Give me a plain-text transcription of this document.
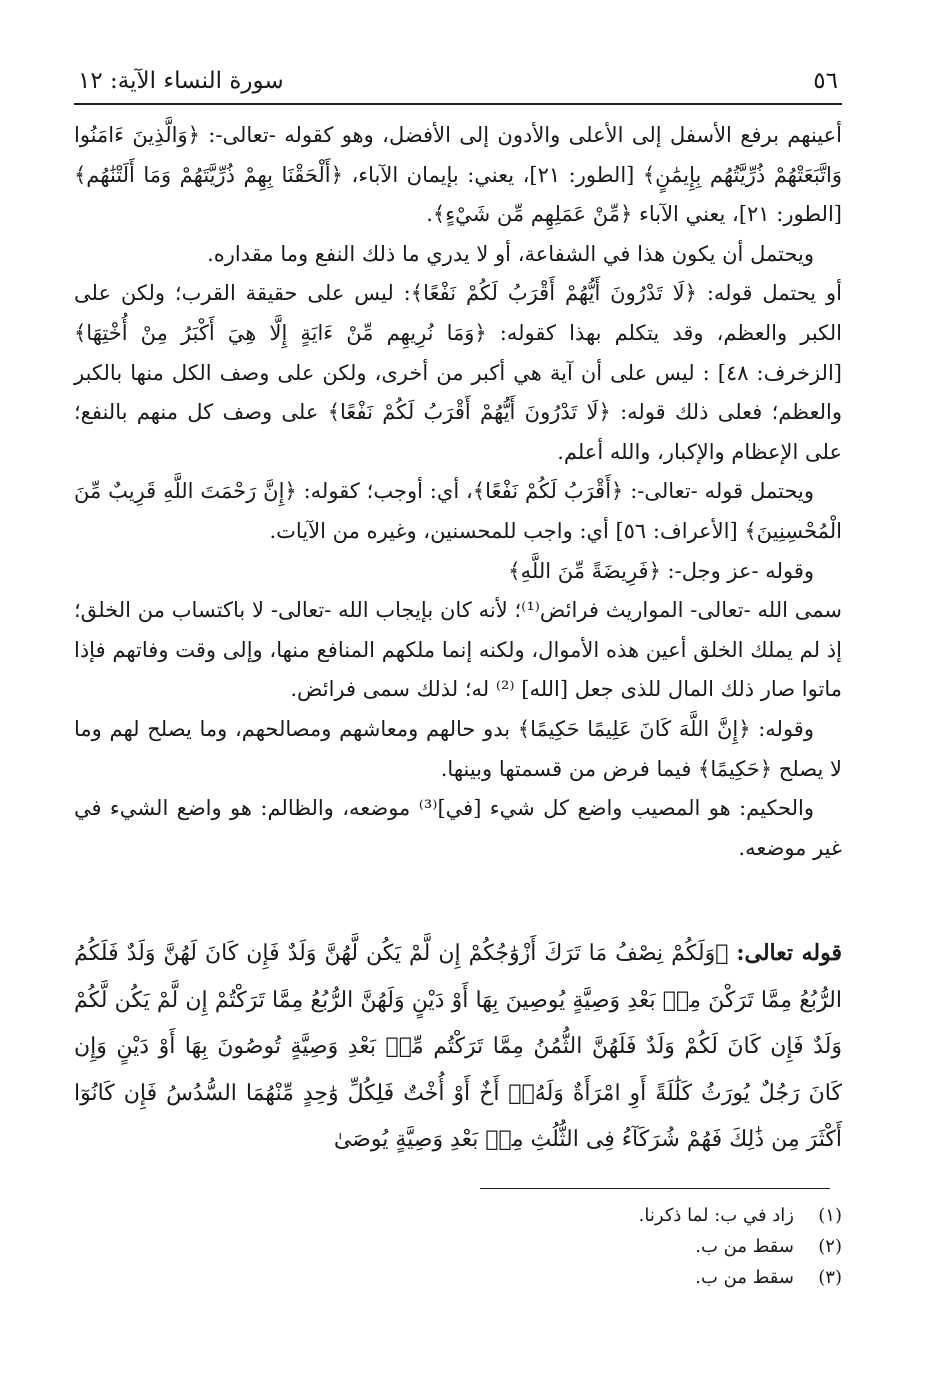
٥٦
سورة النساء الآية: ١٢

أعينهم برفع الأسفل إلى الأعلى والأدون إلى الأفضل، وهو كقوله -تعالى-: ﴿وَالَّذِينَ ءَامَنُوا وَاتَّبَعَتْهُمْ ذُرِّيَّتُهُم بِإِيمَٰنٍ﴾ [الطور: ٢١]، يعني: بإيمان الآباء، ﴿أَلْحَقْنَا بِهِمْ ذُرِّيَّتَهُمْ وَمَا أَلَتْنَٰهُم﴾ [الطور: ٢١]، يعني الآباء ﴿مِّنْ عَمَلِهِم مِّن شَيْءٍ﴾.

ويحتمل أن يكون هذا في الشفاعة، أو لا يدري ما ذلك النفع وما مقداره.

أو يحتمل قوله: ﴿لَا تَدْرُونَ أَيُّهُمْ أَقْرَبُ لَكُمْ نَفْعًا﴾: ليس على حقيقة القرب؛ ولكن على الكبر والعظم، وقد يتكلم بهذا كقوله: ﴿وَمَا نُرِيهِم مِّنْ ءَايَةٍ إِلَّا هِيَ أَكْبَرُ مِنْ أُخْتِهَا﴾ [الزخرف: ٤٨] : ليس على أن آية هي أكبر من أخرى، ولكن على وصف الكل منها بالكبر والعظم؛ فعلى ذلك قوله: ﴿لَا تَدْرُونَ أَيُّهُمْ أَقْرَبُ لَكُمْ نَفْعًا﴾ على وصف كل منهم بالنفع؛ على الإعظام والإكبار، والله أعلم.

ويحتمل قوله -تعالى-: ﴿أَقْرَبُ لَكُمْ نَفْعًا﴾، أي: أوجب؛ كقوله: ﴿إِنَّ رَحْمَتَ اللَّهِ قَرِيبٌ مِّنَ الْمُحْسِنِينَ﴾ [الأعراف: ٥٦] أي: واجب للمحسنين، وغيره من الآيات.

وقوله -عز وجل-: ﴿فَرِيضَةً مِّنَ اللَّهِ﴾

سمى الله -تعالى- المواريث فرائض⁽¹⁾؛ لأنه كان بإيجاب الله -تعالى- لا باكتساب من الخلق؛ إذ لم يملك الخلق أعين هذه الأموال، ولكنه إنما ملكهم المنافع منها، وإلى وقت وفاتهم فإذا ماتوا صار ذلك المال للذى جعل [الله] ⁽²⁾ له؛ لذلك سمى فرائض.

وقوله: ﴿إِنَّ اللَّهَ كَانَ عَلِيمًا حَكِيمًا﴾ بدو حالهم ومعاشهم ومصالحهم، وما يصلح لهم وما لا يصلح ﴿حَكِيمًا﴾ فيما فرض من قسمتها وبينها.

والحكيم: هو المصيب واضع كل شيء [في]⁽³⁾ موضعه، والظالم: هو واضع الشيء في غير موضعه.

قوله تعالى: ﴿وَلَكُمْ نِصْفُ مَا تَرَكَ أَزْوَٰجُكُمْ إِن لَّمْ يَكُن لَّهُنَّ وَلَدٌ فَإِن كَانَ لَهُنَّ وَلَدٌ فَلَكُمُ الرُّبُعُ مِمَّا تَرَكْنَ مِنۢ بَعْدِ وَصِيَّةٍ يُوصِينَ بِهَا أَوْ دَيْنٍ وَلَهُنَّ الرُّبُعُ مِمَّا تَرَكْتُمْ إِن لَّمْ يَكُن لَّكُمْ وَلَدٌ فَإِن كَانَ لَكُمْ وَلَدٌ فَلَهُنَّ الثُّمُنُ مِمَّا تَرَكْتُم مِّنۢ بَعْدِ وَصِيَّةٍ تُوصُونَ بِهَا أَوْ دَيْنٍ وَإِن كَانَ رَجُلٌ يُورَثُ كَلَٰلَةً أَوِ امْرَأَةٌ وَلَهُۥٓ أَخٌ أَوْ أُخْتٌ فَلِكُلِّ وَٰحِدٍ مِّنْهُمَا السُّدُسُ فَإِن كَانُوٓا أَكْثَرَ مِن ذَٰلِكَ فَهُمْ شُرَكَآءُ فِى الثُّلُثِ مِنۢ بَعْدِ وَصِيَّةٍ يُوصَىٰ
(١)
زاد في ب: لما ذكرنا.
(٢)
سقط من ب.
(٣)
سقط من ب.
